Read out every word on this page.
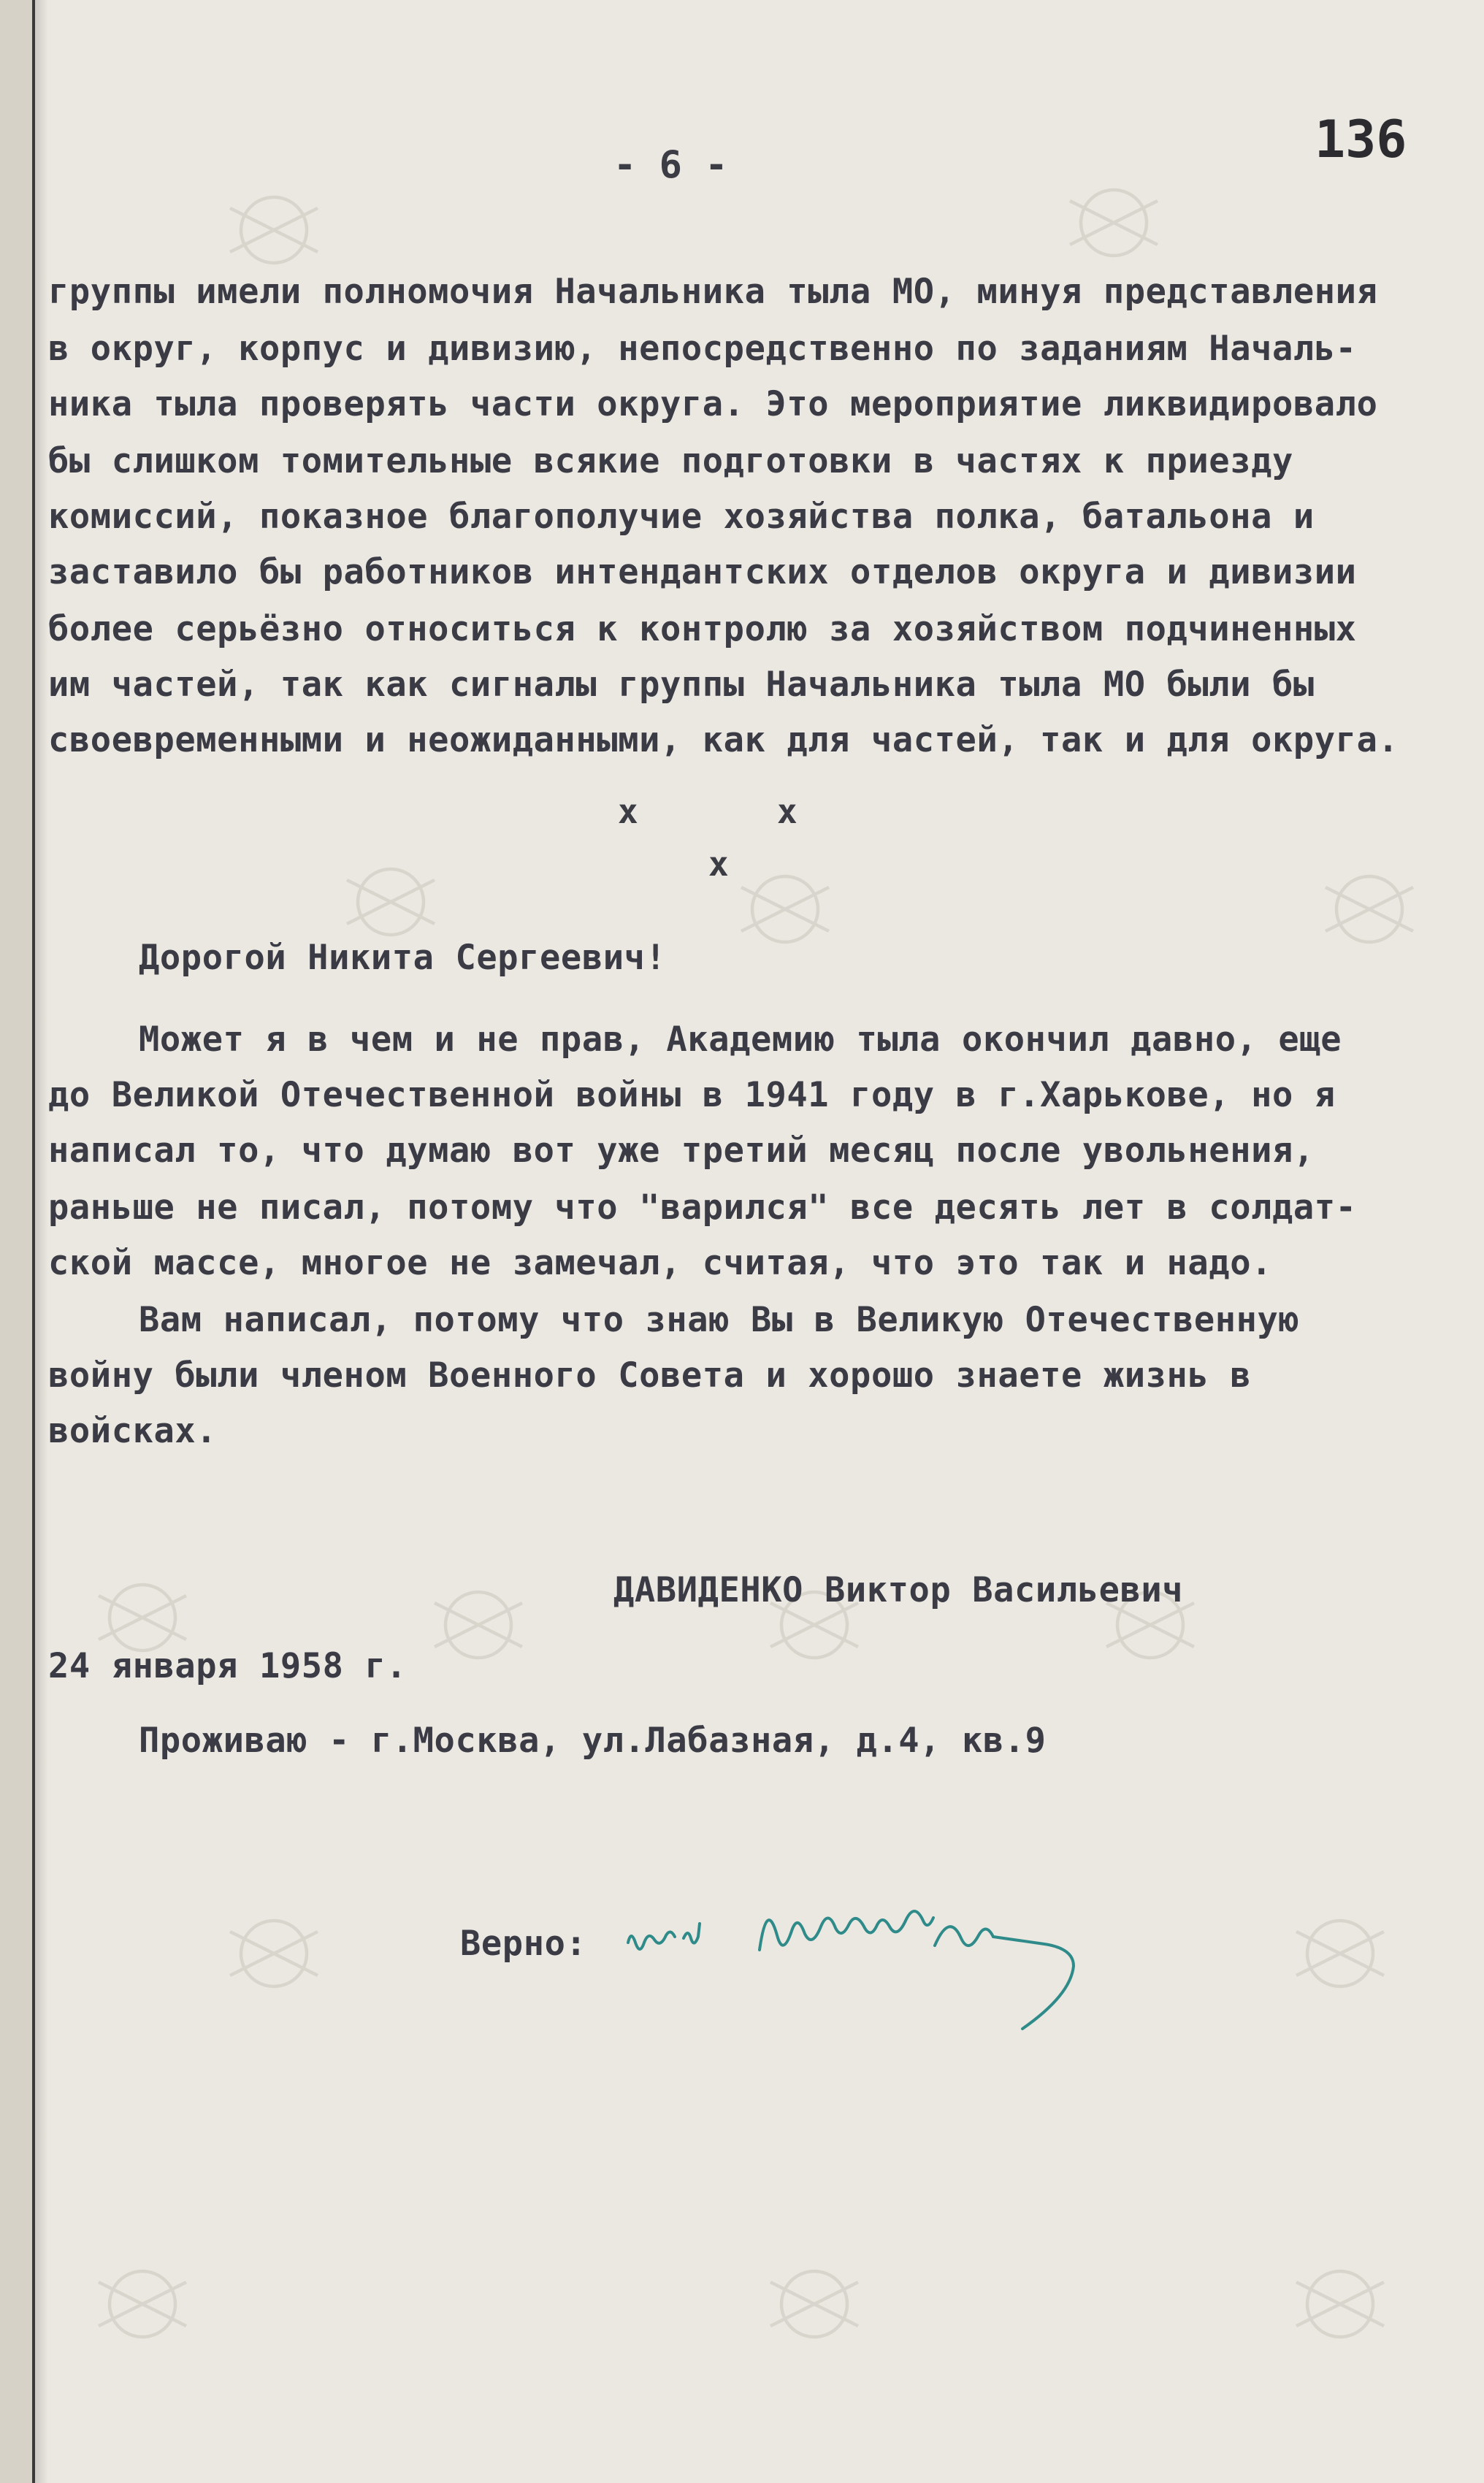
136
- 6 -
группы имели полномочия Начальника тыла МО, минуя представления
в округ, корпус и дивизию, непосредственно по заданиям Началь-
ника тыла проверять части округа. Это мероприятие ликвидировало
бы слишком томительные всякие подготовки в частях к приезду
комиссий, показное благополучие хозяйства полка, батальона и
заставило бы работников интендантских отделов округа и дивизии
более серьёзно относиться к контролю за хозяйством подчиненных
им частей, так как сигналы группы Начальника тыла МО были бы
своевременными и неожиданными, как для частей, так и для округа.
x	x
x
Дорогой Никита Сергеевич!
Может я в чем и не прав, Академию тыла окончил давно, еще
до Великой Отечественной войны в 1941 году в г.Харькове, но я
написал то, что думаю вот уже третий месяц после увольнения,
раньше не писал, потому что "варился" все десять лет в солдат-
ской массе, многое не замечал, считая, что это так и надо.
Вам написал, потому что знаю Вы в Великую Отечественную
войну были членом Военного Совета и хорошо знаете жизнь в
войсках.
ДАВИДЕНКО Виктор Васильевич
24 января 1958 г.
Проживаю - г.Москва, ул.Лабазная, д.4, кв.9
Верно:
